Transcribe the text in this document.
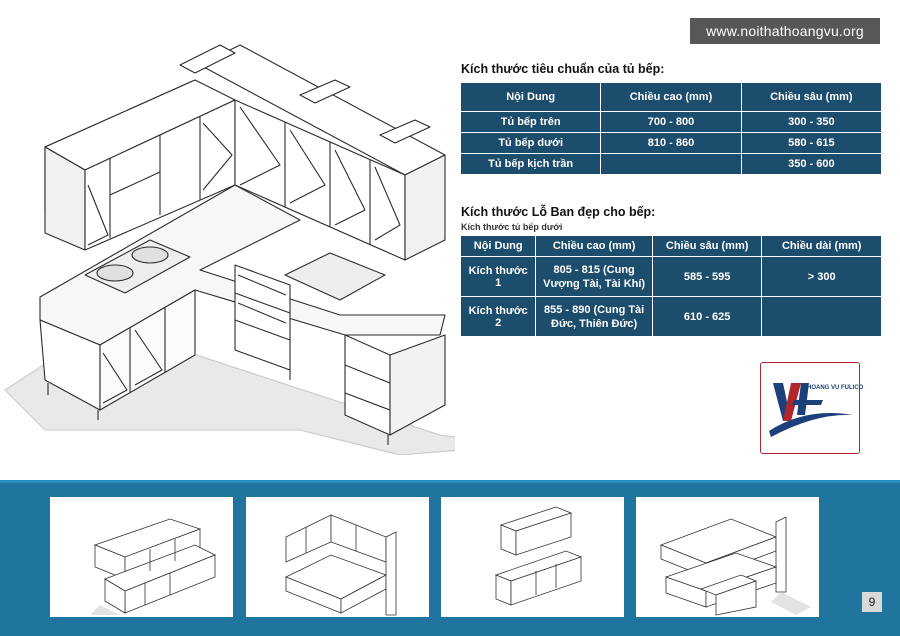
www.noithathoangvu.org
Kích thước tiêu chuẩn của tủ bếp:
Nội Dung	Chiều cao (mm)	Chiều sâu (mm)
Tủ bếp trên	700 - 800	300 - 350
Tủ bếp dưới	810 - 860	580 - 615
Tủ bếp kịch trần		350 - 600
Kích thước Lỗ Ban đẹp cho bếp:
Kích thước tủ bếp dưới
Nội Dung	Chiều cao (mm)	Chiều sâu (mm)	Chiều dài (mm)
Kích thước 1	805 - 815 (Cung Vượng Tài, Tài Khí)	585 - 595	> 300
Kích thước 2	855 - 890 (Cung Tài Đức, Thiên Đức)	610 - 625	
HOANG VU FULICO
9
